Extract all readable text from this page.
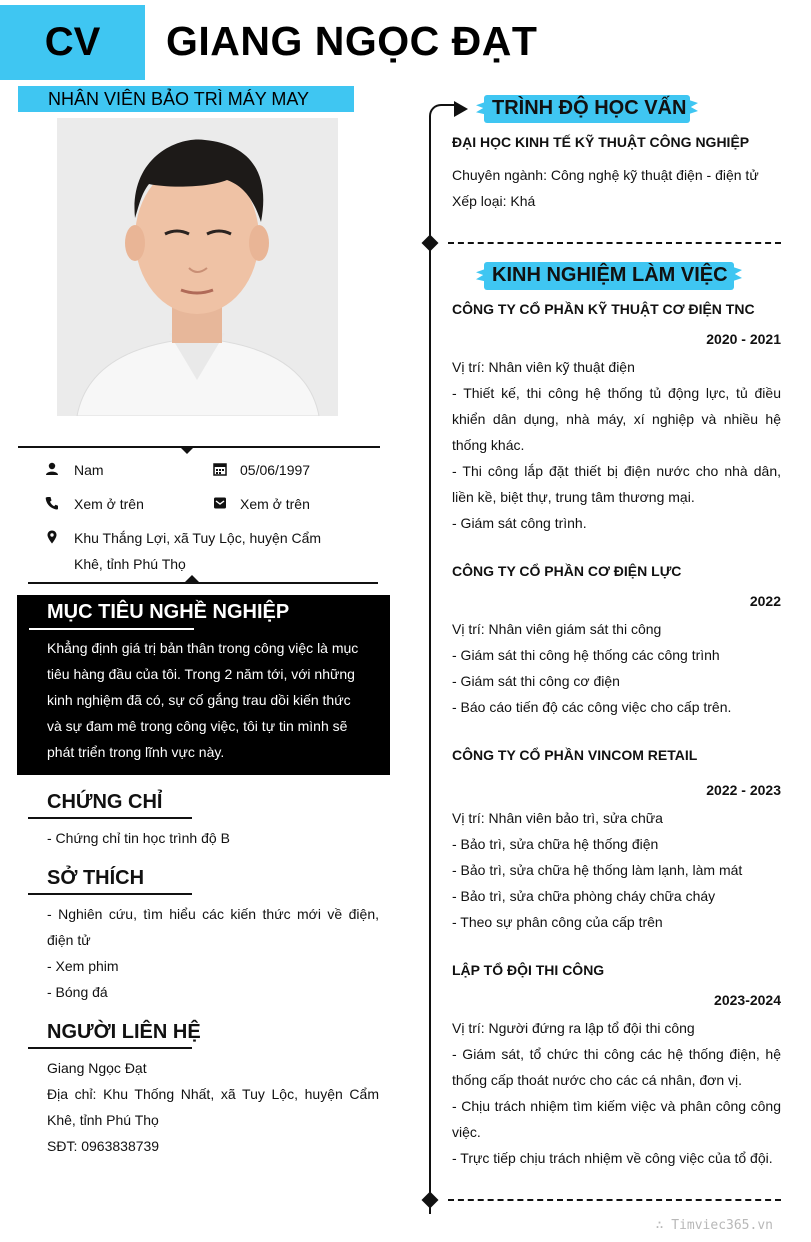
CV	GIANG NGỌC ĐẠT
NHÂN VIÊN BẢO TRÌ MÁY MAY
Nam	05/06/1997
Xem ở trên	Xem ở trên
Khu Thắng Lợi, xã Tuy Lộc, huyện Cẩm
Khê, tỉnh Phú Thọ
MỤC TIÊU NGHỀ NGHIỆP
Khẳng định giá trị bản thân trong công việc là mục
tiêu hàng đầu của tôi. Trong 2 năm tới, với những
kinh nghiệm đã có, sự cố gắng trau dồi kiến thức
và sự đam mê trong công việc, tôi tự tin mình sẽ
phát triển trong lĩnh vực này.
CHỨNG CHỈ
- Chứng chỉ tin học trình độ B
SỞ THÍCH
- Nghiên cứu, tìm hiểu các kiến thức mới về điện, điện tử
- Xem phim
- Bóng đá
NGƯỜI LIÊN HỆ
Giang Ngọc Đạt
Địa chỉ: Khu Thống Nhất, xã Tuy Lộc, huyện Cẩm Khê, tỉnh Phú Thọ
SĐT: 0963838739
TRÌNH ĐỘ HỌC VẤN
ĐẠI HỌC KINH TẾ KỸ THUẬT CÔNG NGHIỆP
Chuyên ngành: Công nghệ kỹ thuật điện - điện tử
Xếp loại: Khá
KINH NGHIỆM LÀM VIỆC
CÔNG TY CỔ PHẦN KỸ THUẬT CƠ ĐIỆN TNC
2020 - 2021
Vị trí: Nhân viên kỹ thuật điện
- Thiết kế, thi công hệ thống tủ động lực, tủ điều khiển dân dụng, nhà máy, xí nghiệp và nhiều hệ thống khác.
- Thi công lắp đặt thiết bị điện nước cho nhà dân, liền kề, biệt thự, trung tâm thương mại.
- Giám sát công trình.
CÔNG TY CỔ PHẦN CƠ ĐIỆN LỰC
2022
Vị trí: Nhân viên giám sát thi công
- Giám sát thi công hệ thống các công trình
- Giám sát thi công cơ điện
- Báo cáo tiến độ các công việc cho cấp trên.
CÔNG TY CỔ PHẦN VINCOM RETAIL
2022 - 2023
Vị trí: Nhân viên bảo trì, sửa chữa
- Bảo trì, sửa chữa hệ thống điện
- Bảo trì, sửa chữa hệ thống làm lạnh, làm mát
- Bảo trì, sửa chữa phòng cháy chữa cháy
- Theo sự phân công của cấp trên
LẬP TỔ ĐỘI THI CÔNG
2023-2024
Vị trí: Người đứng ra lập tổ đội thi công
- Giám sát, tổ chức thi công các hệ thống điện, hệ thống cấp thoát nước cho các cá nhân, đơn vị.
- Chịu trách nhiệm tìm kiếm việc và phân công công việc.
- Trực tiếp chịu trách nhiệm về công việc của tổ đội.
∴ Timviec365.vn
